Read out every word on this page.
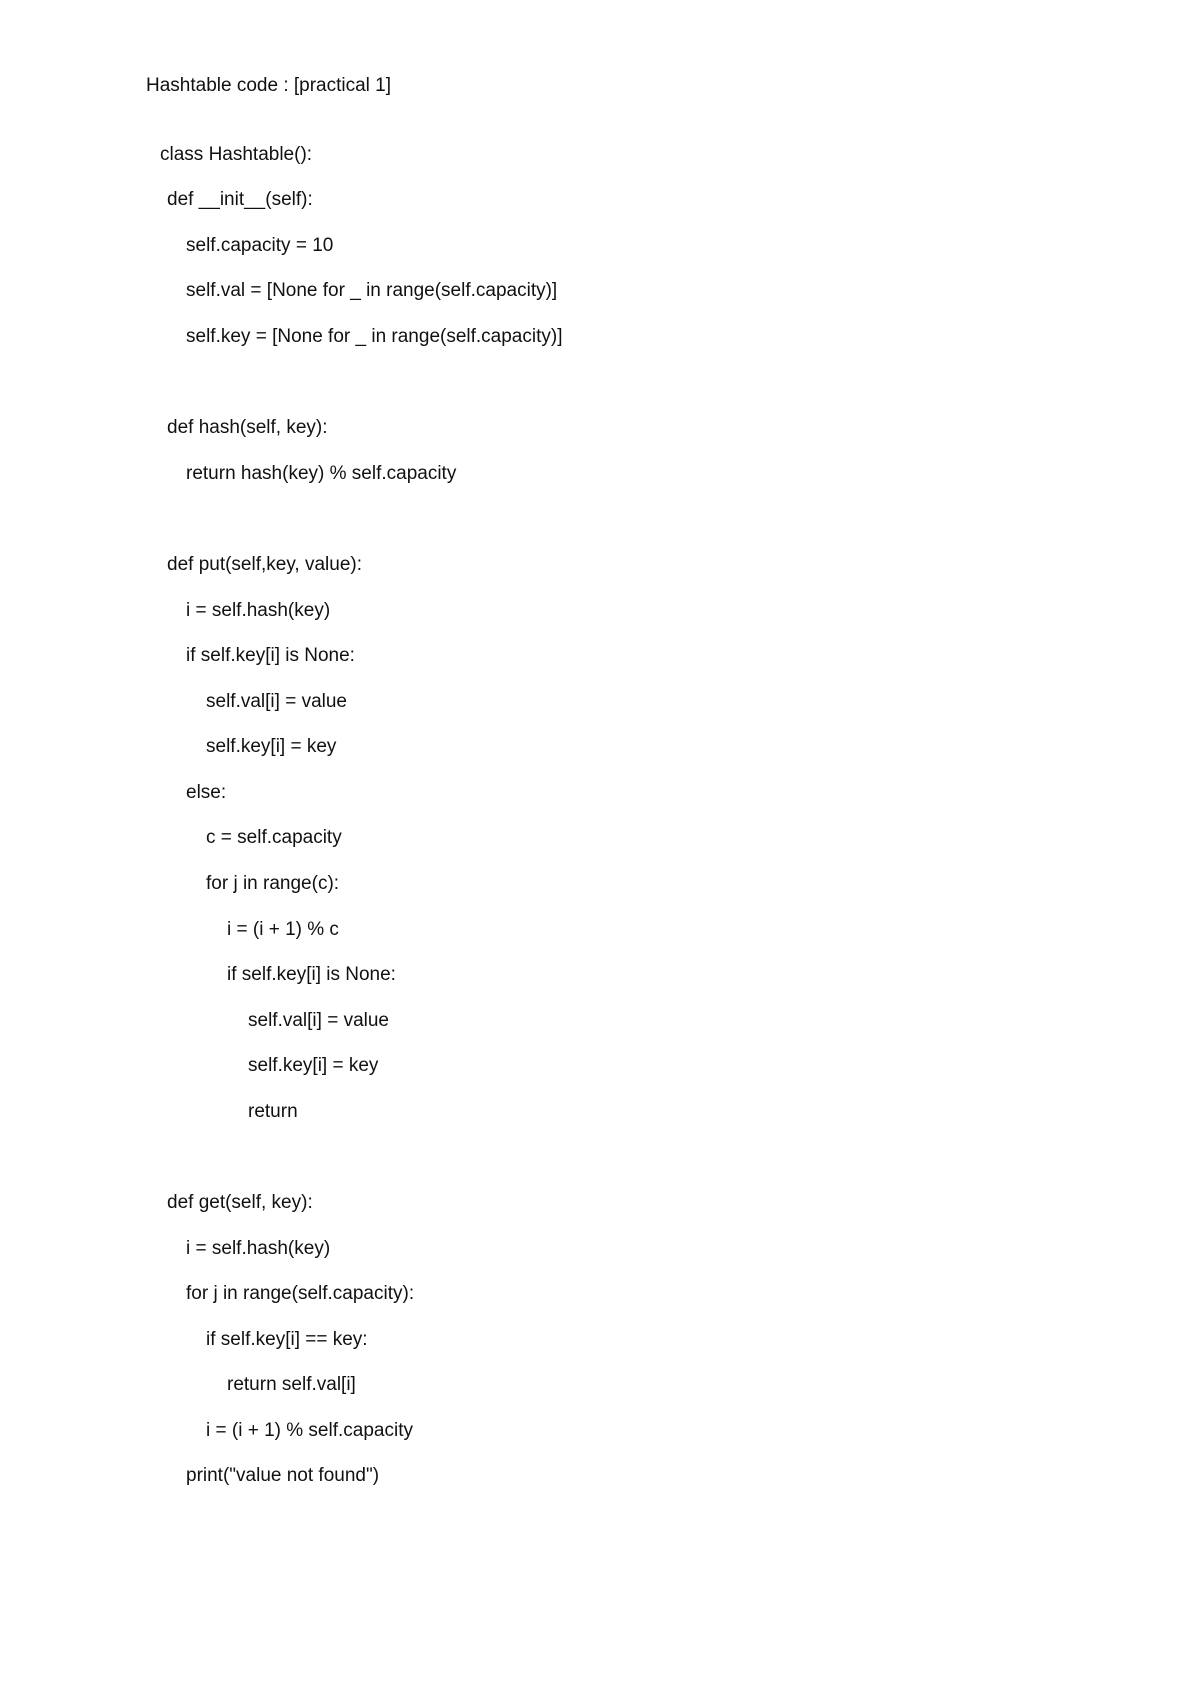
Hashtable code : [practical 1]
class Hashtable():
def __init__(self):
self.capacity = 10
self.val = [None for _ in range(self.capacity)]
self.key = [None for _ in range(self.capacity)]
def hash(self, key):
return hash(key) % self.capacity
def put(self,key, value):
i = self.hash(key)
if self.key[i] is None:
self.val[i] = value
self.key[i] = key
else:
c = self.capacity
for j in range(c):
i = (i + 1) % c
if self.key[i] is None:
self.val[i] = value
self.key[i] = key
return
def get(self, key):
i = self.hash(key)
for j in range(self.capacity):
if self.key[i] == key:
return self.val[i]
i = (i + 1) % self.capacity
print("value not found")
